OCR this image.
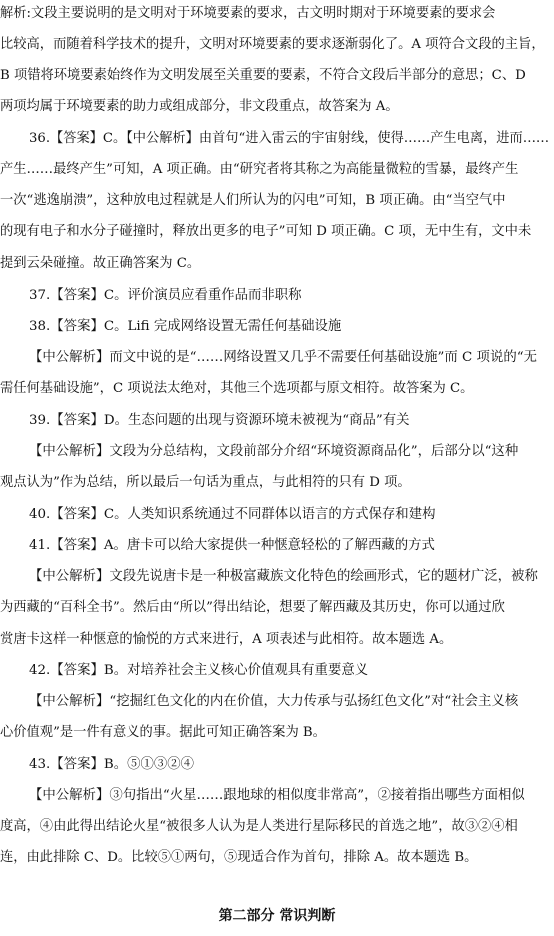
解析:文段主要说明的是文明对于环境要素的要求，古文明时期对于环境要素的要求会
比较高，而随着科学技术的提升，文明对环境要素的要求逐渐弱化了。A 项符合文段的主旨，
B 项错将环境要素始终作为文明发展至关重要的要素，不符合文段后半部分的意思；C、D
两项均属于环境要素的助力或组成部分，非文段重点，故答案为 A。
36.【答案】C。【中公解析】由首句“进入雷云的宇宙射线，使得……产生电离，进而……
产生……最终产生”可知，A 项正确。由“研究者将其称之为高能量微粒的雪暴，最终产生
一次“逃逸崩溃”，这种放电过程就是人们所认为的闪电”可知，B 项正确。由“当空气中
的现有电子和水分子碰撞时，释放出更多的电子”可知 D 项正确。C 项，无中生有，文中未
提到云朵碰撞。故正确答案为 C。
37.【答案】C。评价演员应看重作品而非职称
38.【答案】C。Lifi 完成网络设置无需任何基础设施
【中公解析】而文中说的是“……网络设置又几乎不需要任何基础设施”而 C 项说的“无
需任何基础设施”，C 项说法太绝对，其他三个选项都与原文相符。故答案为 C。
39.【答案】D。生态问题的出现与资源环境未被视为“商品”有关
【中公解析】文段为分总结构，文段前部分介绍“环境资源商品化”，后部分以“这种
观点认为”作为总结，所以最后一句话为重点，与此相符的只有 D 项。
40.【答案】C。人类知识系统通过不同群体以语言的方式保存和建构
41.【答案】A。唐卡可以给大家提供一种惬意轻松的了解西藏的方式
【中公解析】文段先说唐卡是一种极富藏族文化特色的绘画形式，它的题材广泛，被称
为西藏的“百科全书”。然后由“所以”得出结论，想要了解西藏及其历史，你可以通过欣
赏唐卡这样一种惬意的愉悦的方式来进行，A 项表述与此相符。故本题选 A。
42.【答案】B。对培养社会主义核心价值观具有重要意义
【中公解析】“挖掘红色文化的内在价值，大力传承与弘扬红色文化”对“社会主义核
心价值观”是一件有意义的事。据此可知正确答案为 B。
43.【答案】B。⑤①③②④
【中公解析】③句指出“火星……跟地球的相似度非常高”，②接着指出哪些方面相似
度高，④由此得出结论火星“被很多人认为是人类进行星际移民的首选之地”，故③②④相
连，由此排除 C、D。比较⑤①两句，⑤现适合作为首句，排除 A。故本题选 B。
第二部分 常识判断
